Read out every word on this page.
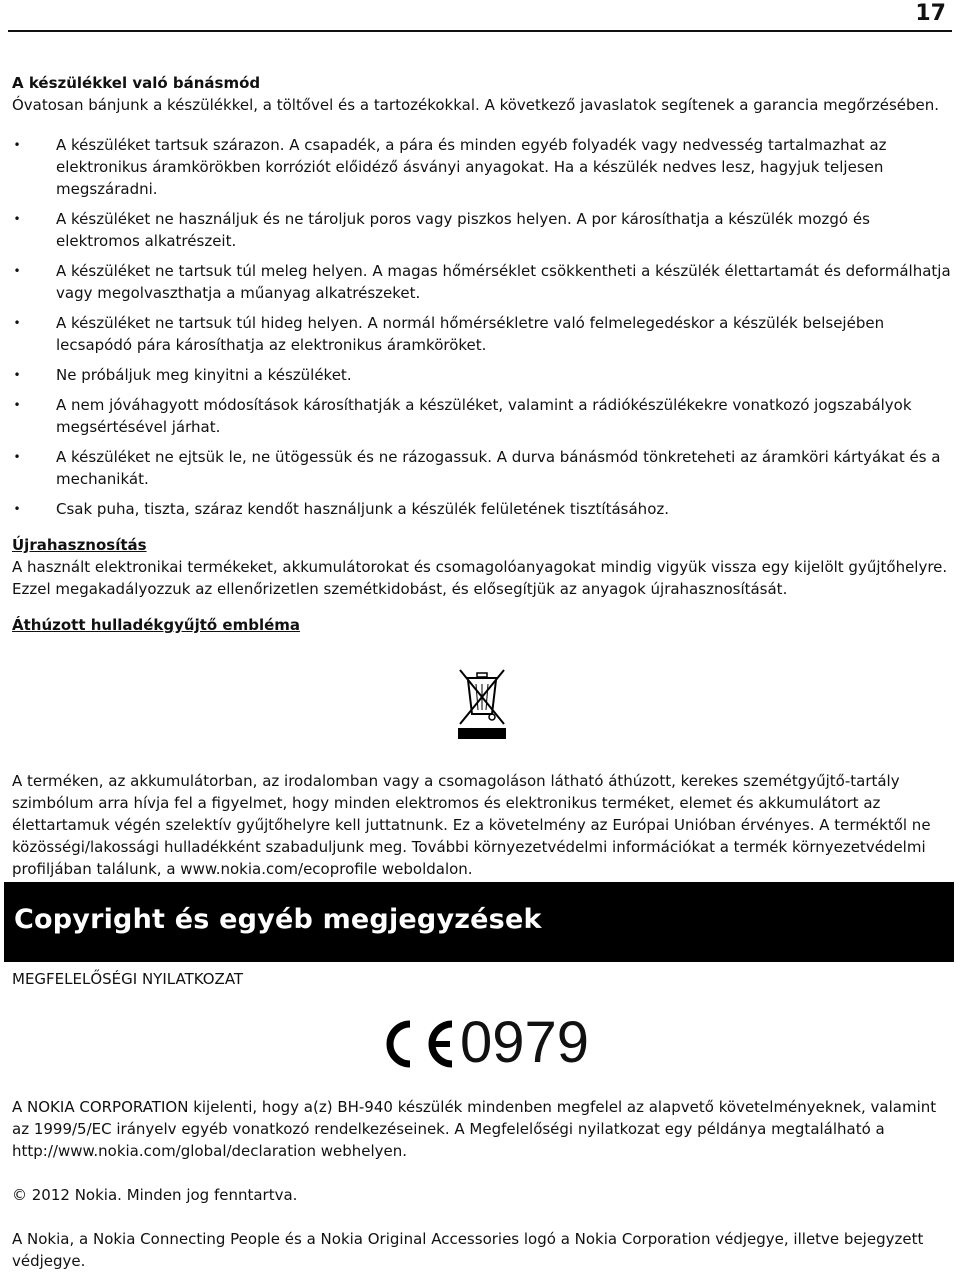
17

A készülékkel való bánásmód

Óvatosan bánjunk a készülékkel, a töltővel és a tartozékokkal. A következő javaslatok segítenek a garancia megőrzésében.

• A készüléket tartsuk szárazon. A csapadék, a pára és minden egyéb folyadék vagy nedvesség tartalmazhat az elektronikus áramkörökben korróziót előidéző ásványi anyagokat. Ha a készülék nedves lesz, hagyjuk teljesen megszáradni.
• A készüléket ne használjuk és ne tároljuk poros vagy piszkos helyen. A por károsíthatja a készülék mozgó és elektromos alkatrészeit.
• A készüléket ne tartsuk túl meleg helyen. A magas hőmérséklet csökkentheti a készülék élettartamát és deformálhatja vagy megolvaszthatja a műanyag alkatrészeket.
• A készüléket ne tartsuk túl hideg helyen. A normál hőmérsékletre való felmelegedéskor a készülék belsejében lecsapódó pára károsíthatja az elektronikus áramköröket.
• Ne próbáljuk meg kinyitni a készüléket.
• A nem jóváhagyott módosítások károsíthatják a készüléket, valamint a rádiókészülékekre vonatkozó jogszabályok megsértésével járhat.
• A készüléket ne ejtsük le, ne ütögessük és ne rázogassuk. A durva bánásmód tönkreteheti az áramköri kártyákat és a mechanikát.
• Csak puha, tiszta, száraz kendőt használjunk a készülék felületének tisztításához.

Újrahasznosítás

A használt elektronikai termékeket, akkumulátorokat és csomagolóanyagokat mindig vigyük vissza egy kijelölt gyűjtőhelyre. Ezzel megakadályozzuk az ellenőrizetlen szemétkidobást, és elősegítjük az anyagok újrahasznosítását.

Áthúzott hulladékgyűjtő embléma

A terméken, az akkumulátorban, az irodalomban vagy a csomagoláson látható áthúzott, kerekes szemétgyűjtő-tartály szimbólum arra hívja fel a figyelmet, hogy minden elektromos és elektronikus terméket, elemet és akkumulátort az élettartamuk végén szelektív gyűjtőhelyre kell juttatnunk. Ez a követelmény az Európai Unióban érvényes. A terméktől ne közösségi/lakossági hulladékként szabaduljunk meg. További környezetvédelmi információkat a termék környezetvédelmi profiljában találunk, a www.nokia.com/ecoprofile weboldalon.

Copyright és egyéb megjegyzések

MEGFELELŐSÉGI NYILATKOZAT

0979

A NOKIA CORPORATION kijelenti, hogy a(z) BH-940 készülék mindenben megfelel az alapvető követelményeknek, valamint az 1999/5/EC irányelv egyéb vonatkozó rendelkezéseinek. A Megfelelőségi nyilatkozat egy példánya megtalálható a http://www.nokia.com/global/declaration webhelyen.

© 2012 Nokia. Minden jog fenntartva.

A Nokia, a Nokia Connecting People és a Nokia Original Accessories logó a Nokia Corporation védjegye, illetve bejegyzett védjegye.
